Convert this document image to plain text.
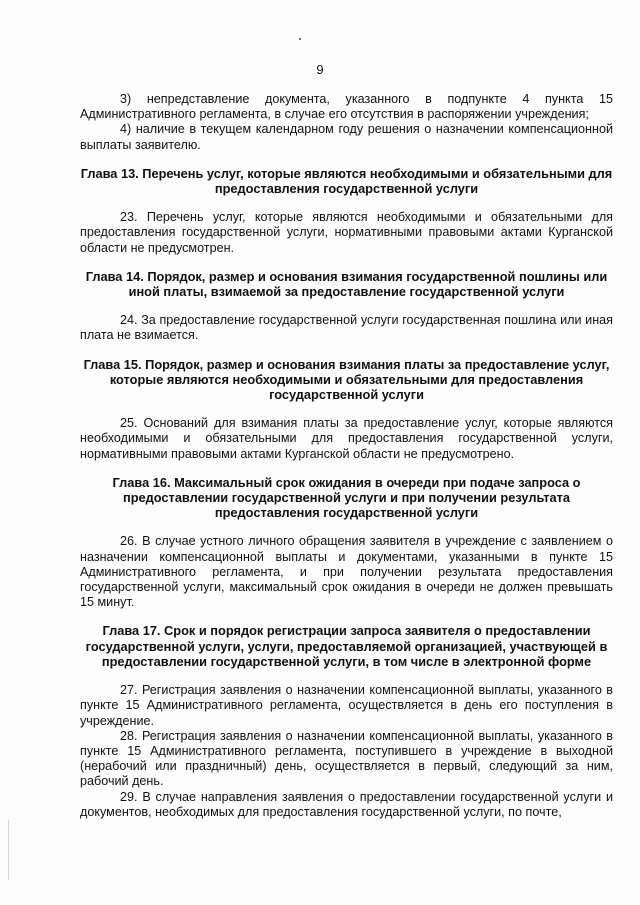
9

3) непредставление документа, указанного в подпункте 4 пункта 15 Административного регламента, в случае его отсутствия в распоряжении учреждения;

4) наличие в текущем календарном году решения о назначении компенсационной выплаты заявителю.

Глава 13. Перечень услуг, которые являются необходимыми и обязательными для предоставления государственной услуги

23. Перечень услуг, которые являются необходимыми и обязательными для предоставления государственной услуги, нормативными правовыми актами Курганской области не предусмотрен.

Глава 14. Порядок, размер и основания взимания государственной пошлины или иной платы, взимаемой за предоставление государственной услуги

24. За предоставление государственной услуги государственная пошлина или иная плата не взимается.

Глава 15. Порядок, размер и основания взимания платы за предоставление услуг, которые являются необходимыми и обязательными для предоставления государственной услуги

25. Оснований для взимания платы за предоставление услуг, которые являются необходимыми и обязательными для предоставления государственной услуги, нормативными правовыми актами Курганской области не предусмотрено.

Глава 16. Максимальный срок ожидания в очереди при подаче запроса о предоставлении государственной услуги и при получении результата предоставления государственной услуги

26. В случае устного личного обращения заявителя в учреждение с заявлением о назначении компенсационной выплаты и документами, указанными в пункте 15 Административного регламента, и при получении результата предоставления государственной услуги, максимальный срок ожидания в очереди не должен превышать 15 минут.

Глава 17. Срок и порядок регистрации запроса заявителя о предоставлении государственной услуги, услуги, предоставляемой организацией, участвующей в предоставлении государственной услуги, в том числе в электронной форме

27. Регистрация заявления о назначении компенсационной выплаты, указанного в пункте 15 Административного регламента, осуществляется в день его поступления в учреждение.

28. Регистрация заявления о назначении компенсационной выплаты, указанного в пункте 15 Административного регламента, поступившего в учреждение в выходной (нерабочий или праздничный) день, осуществляется в первый, следующий за ним, рабочий день.

29. В случае направления заявления о предоставлении государственной услуги и документов, необходимых для предоставления государственной услуги, по почте,
